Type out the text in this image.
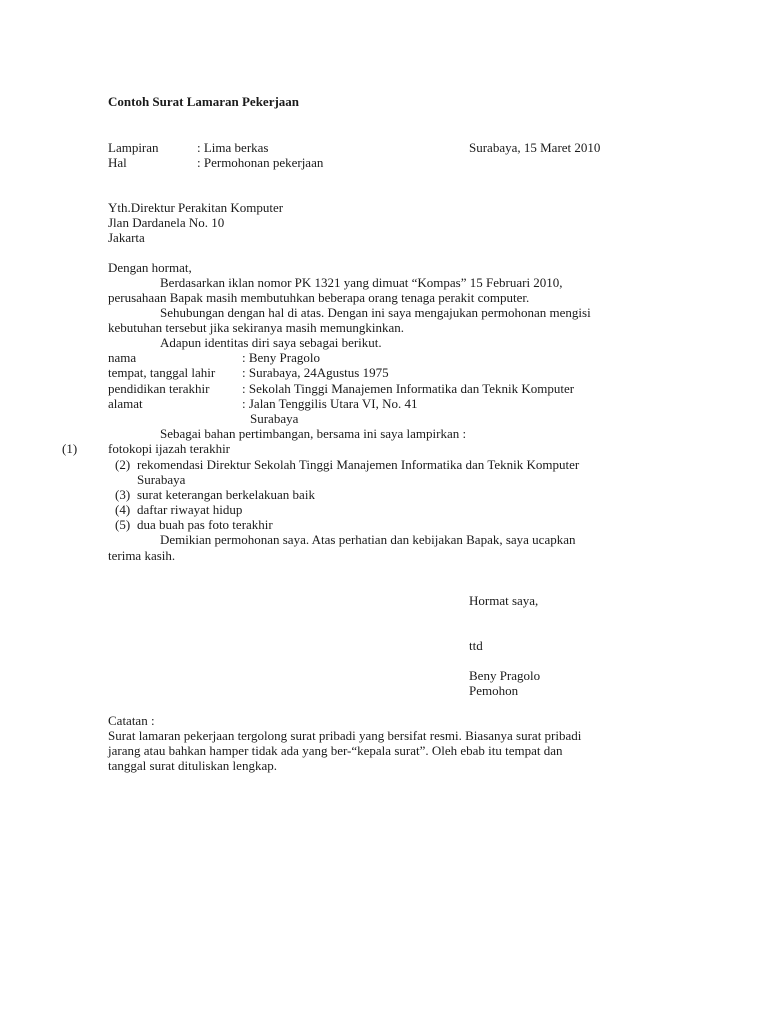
Contoh Surat Lamaran Pekerjaan
Lampiran	: Lima berkas	Surabaya, 15 Maret 2010
Hal	: Permohonan pekerjaan
Yth.Direktur Perakitan Komputer
Jlan Dardanela No. 10
Jakarta
Dengan hormat,
Berdasarkan iklan nomor PK 1321 yang dimuat “Kompas” 15 Februari 2010,
perusahaan Bapak masih membutuhkan beberapa orang tenaga perakit computer.
Sehubungan dengan hal di atas. Dengan ini saya mengajukan permohonan mengisi
kebutuhan tersebut jika sekiranya masih memungkinkan.
Adapun identitas diri saya sebagai berikut.
nama	: Beny Pragolo
tempat, tanggal lahir : Surabaya, 24Agustus 1975
pendidikan terakhir	: Sekolah Tinggi Manajemen Informatika dan Teknik Komputer
alamat	: Jalan Tenggilis Utara VI, No. 41
Surabaya
Sebagai bahan pertimbangan, bersama ini saya lampirkan :
(1) fotokopi ijazah terakhir
(2) rekomendasi Direktur Sekolah Tinggi Manajemen Informatika dan Teknik Komputer
Surabaya
(3) surat keterangan berkelakuan baik
(4) daftar riwayat hidup
(5) dua buah pas foto terakhir
Demikian permohonan saya. Atas perhatian dan kebijakan Bapak, saya ucapkan
terima kasih.
Hormat saya,
ttd
Beny Pragolo
Pemohon
Catatan :
Surat lamaran pekerjaan tergolong surat pribadi yang bersifat resmi. Biasanya surat pribadi
jarang atau bahkan hamper tidak ada yang ber-“kepala surat”. Oleh ebab itu tempat dan
tanggal surat dituliskan lengkap.
